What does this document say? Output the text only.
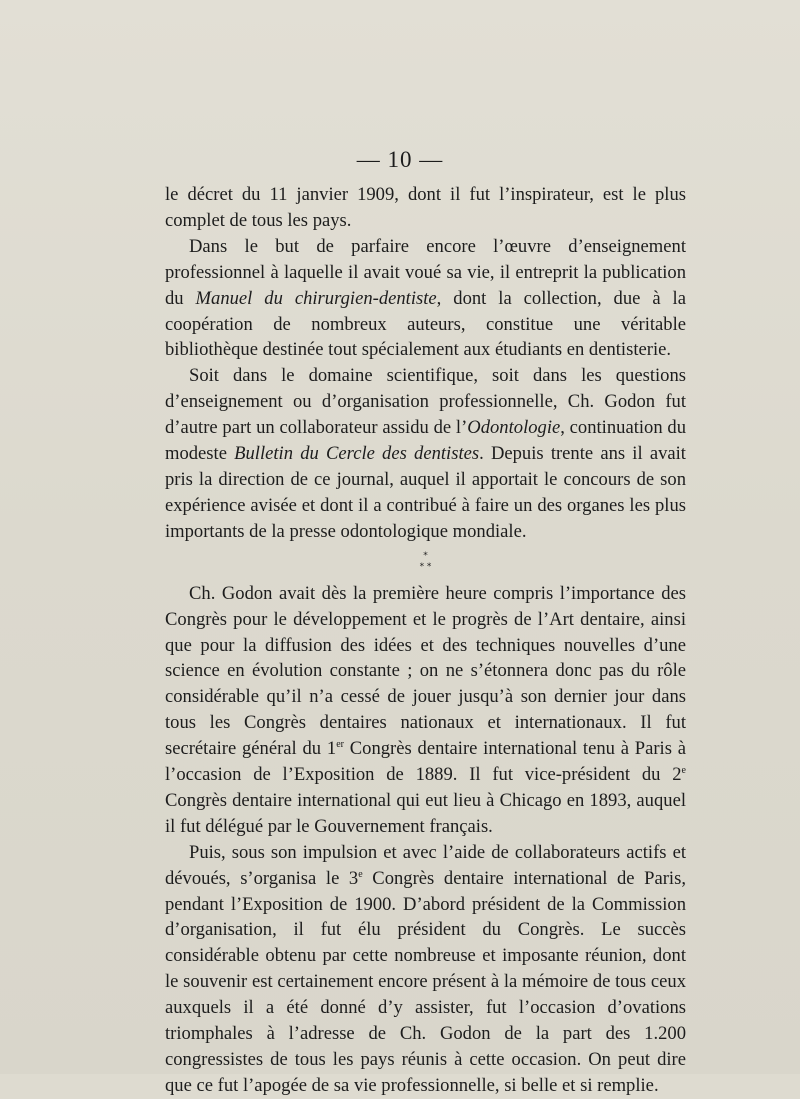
— 10 —

le décret du 11 janvier 1909, dont il fut l’inspirateur, est le plus complet de tous les pays.

Dans le but de parfaire encore l’œuvre d’enseignement professionnel à laquelle il avait voué sa vie, il entreprit la publication du Manuel du chirurgien-dentiste, dont la collection, due à la coopération de nombreux auteurs, constitue une véritable bibliothèque destinée tout spécialement aux étudiants en dentisterie.

Soit dans le domaine scientifique, soit dans les questions d’enseignement ou d’organisation professionnelle, Ch. Godon fut d’autre part un collaborateur assidu de l’Odontologie, continuation du modeste Bulletin du Cercle des dentistes. Depuis trente ans il avait pris la direction de ce journal, auquel il apportait le concours de son expérience avisée et dont il a contribué à faire un des organes les plus importants de la presse odontologique mondiale.

*
* *

Ch. Godon avait dès la première heure compris l’importance des Congrès pour le développement et le progrès de l’Art dentaire, ainsi que pour la diffusion des idées et des techniques nouvelles d’une science en évolution constante ; on ne s’étonnera donc pas du rôle considérable qu’il n’a cessé de jouer jusqu’à son dernier jour dans tous les Congrès dentaires nationaux et internationaux. Il fut secrétaire général du 1er Congrès dentaire international tenu à Paris à l’occasion de l’Exposition de 1889. Il fut vice-président du 2e Congrès dentaire international qui eut lieu à Chicago en 1893, auquel il fut délégué par le Gouvernement français.

Puis, sous son impulsion et avec l’aide de collaborateurs actifs et dévoués, s’organisa le 3e Congrès dentaire international de Paris, pendant l’Exposition de 1900. D’abord président de la Commission d’organisation, il fut élu président du Congrès. Le succès considérable obtenu par cette nombreuse et imposante réunion, dont le souvenir est certainement encore présent à la mémoire de tous ceux auxquels il a été donné d’y assister, fut l’occasion d’ovations triomphales à l’adresse de Ch. Godon de la part des 1.200 congressistes de tous les pays réunis à cette occasion. On peut dire que ce fut l’apogée de sa vie professionnelle, si belle et si remplie.
